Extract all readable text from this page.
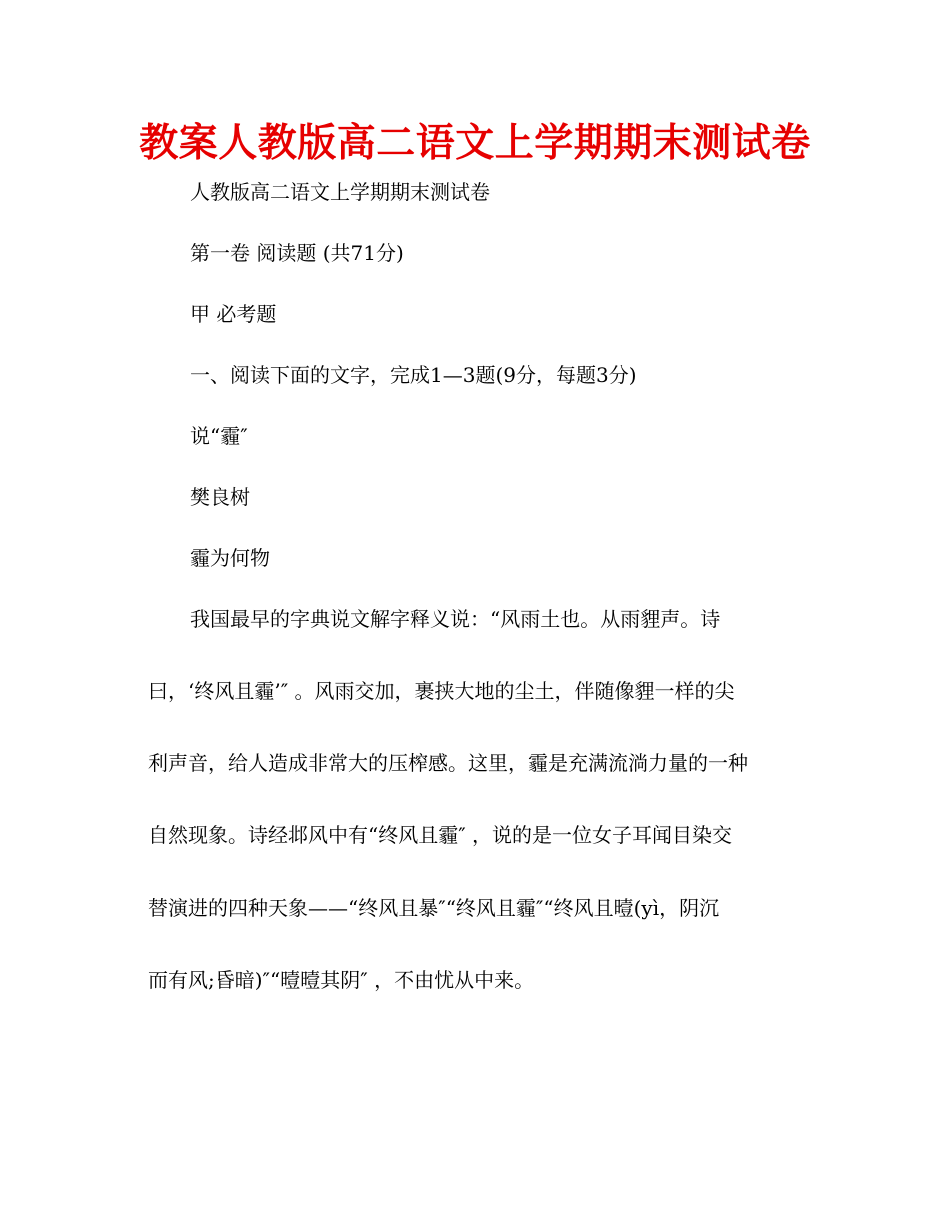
教案人教版高二语文上学期期末测试卷

人教版高二语文上学期期末测试卷

第一卷 阅读题 (共71分)

甲 必考题

一、阅读下面的文字，完成1—3题(9分，每题3分)

说“霾″

樊良树

霾为何物

我国最早的字典说文解字释义说：“风雨土也。从雨貍声。诗

曰，‘终风且霾’″ 。风雨交加，裹挟大地的尘土，伴随像貍一样的尖

利声音，给人造成非常大的压榨感。这里，霾是充满流淌力量的一种

自然现象。诗经邶风中有“终风且霾″ ，说的是一位女子耳闻目染交

替演进的四种天象——“终风且暴″“终风且霾″“终风且曀(yì，阴沉

而有风;昏暗)″“曀曀其阴″ ，不由忧从中来。
